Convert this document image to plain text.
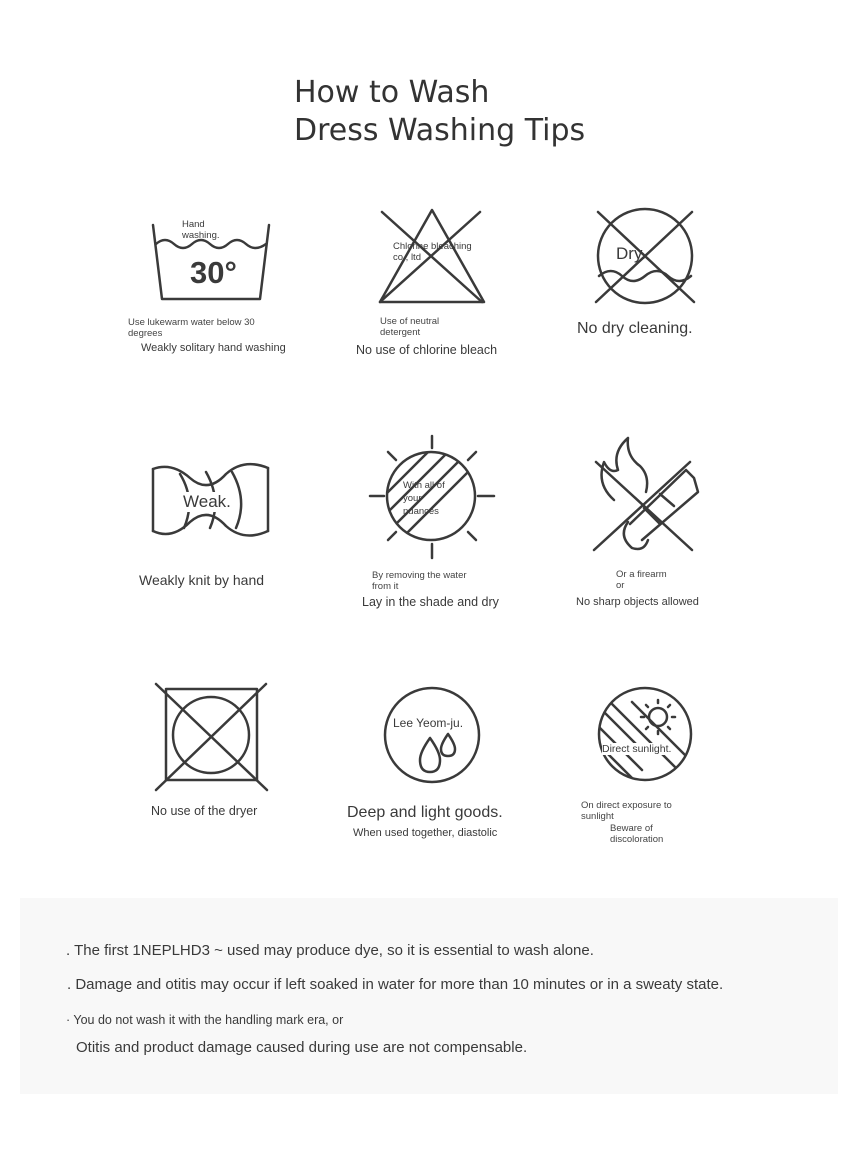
How to Wash
Dress Washing Tips
Hand washing.
30°
Use lukewarm water below 30 degrees
Weakly solitary hand washing
Chlorine bleaching co., ltd
Use of neutral detergent
No use of chlorine bleach
Dry.
No dry cleaning.
Weak.
Weakly knit by hand
With all of your nuances
By removing the water from it
Lay in the shade and dry
Or a firearm or
No sharp objects allowed
No use of the dryer
Lee Yeom-ju.
Deep and light goods.
When used together, diastolic
Direct sunlight.
On direct exposure to sunlight
Beware of discoloration
. The first 1NEPLHD3 ~ used may produce dye, so it is essential to wash alone.
. Damage and otitis may occur if left soaked in water for more than 10 minutes or in a sweaty state.
· You do not wash it with the handling mark era, or
Otitis and product damage caused during use are not compensable.
